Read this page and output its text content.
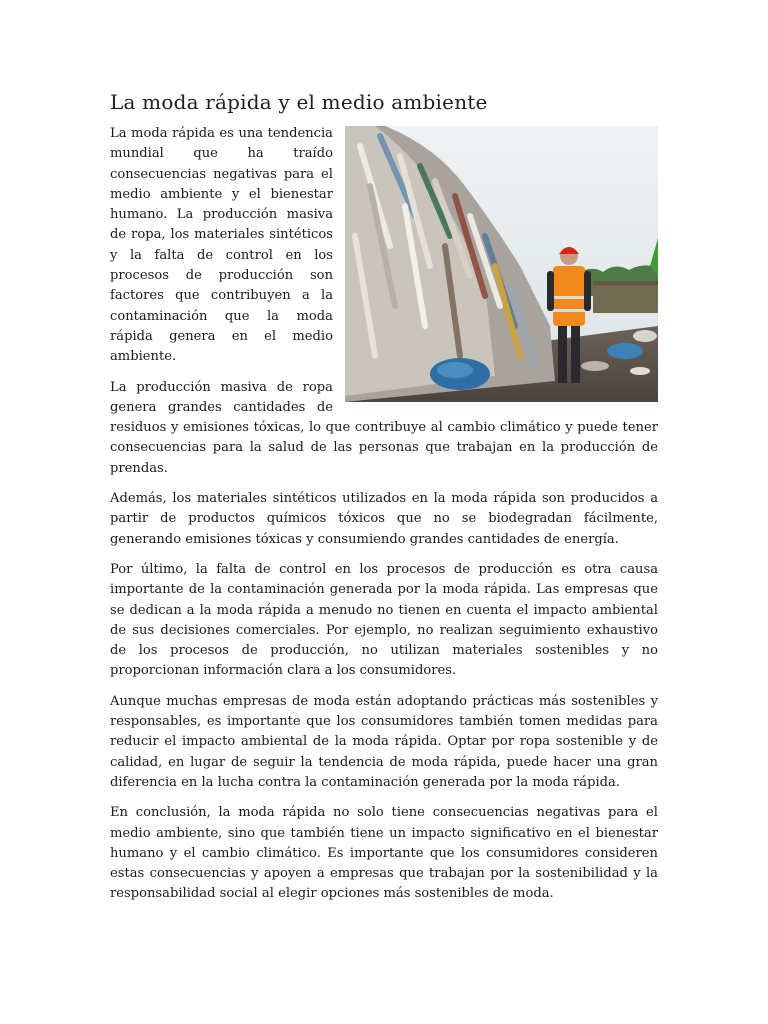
La moda rápida y el medio ambiente

La moda rápida es una tendencia mundial que ha traído consecuencias negativas para el medio ambiente y el bienestar humano. La producción masiva de ropa, los materiales sintéticos y la falta de control en los procesos de producción son factores que contribuyen a la contaminación que la moda rápida genera en el medio ambiente.

La producción masiva de ropa genera grandes cantidades de residuos y emisiones tóxicas, lo que contribuye al cambio climático y puede tener consecuencias para la salud de las personas que trabajan en la producción de prendas.

Además, los materiales sintéticos utilizados en la moda rápida son producidos a partir de productos químicos tóxicos que no se biodegradan fácilmente, generando emisiones tóxicas y consumiendo grandes cantidades de energía.

Por último, la falta de control en los procesos de producción es otra causa importante de la contaminación generada por la moda rápida. Las empresas que se dedican a la moda rápida a menudo no tienen en cuenta el impacto ambiental de sus decisiones comerciales. Por ejemplo, no realizan seguimiento exhaustivo de los procesos de producción, no utilizan materiales sostenibles y no proporcionan información clara a los consumidores.

Aunque muchas empresas de moda están adoptando prácticas más sostenibles y responsables, es importante que los consumidores también tomen medidas para reducir el impacto ambiental de la moda rápida. Optar por ropa sostenible y de calidad, en lugar de seguir la tendencia de moda rápida, puede hacer una gran diferencia en la lucha contra la contaminación generada por la moda rápida.

En conclusión, la moda rápida no solo tiene consecuencias negativas para el medio ambiente, sino que también tiene un impacto significativo en el bienestar humano y el cambio climático. Es importante que los consumidores consideren estas consecuencias y apoyen a empresas que trabajan por la sostenibilidad y la responsabilidad social al elegir opciones más sostenibles de moda.
